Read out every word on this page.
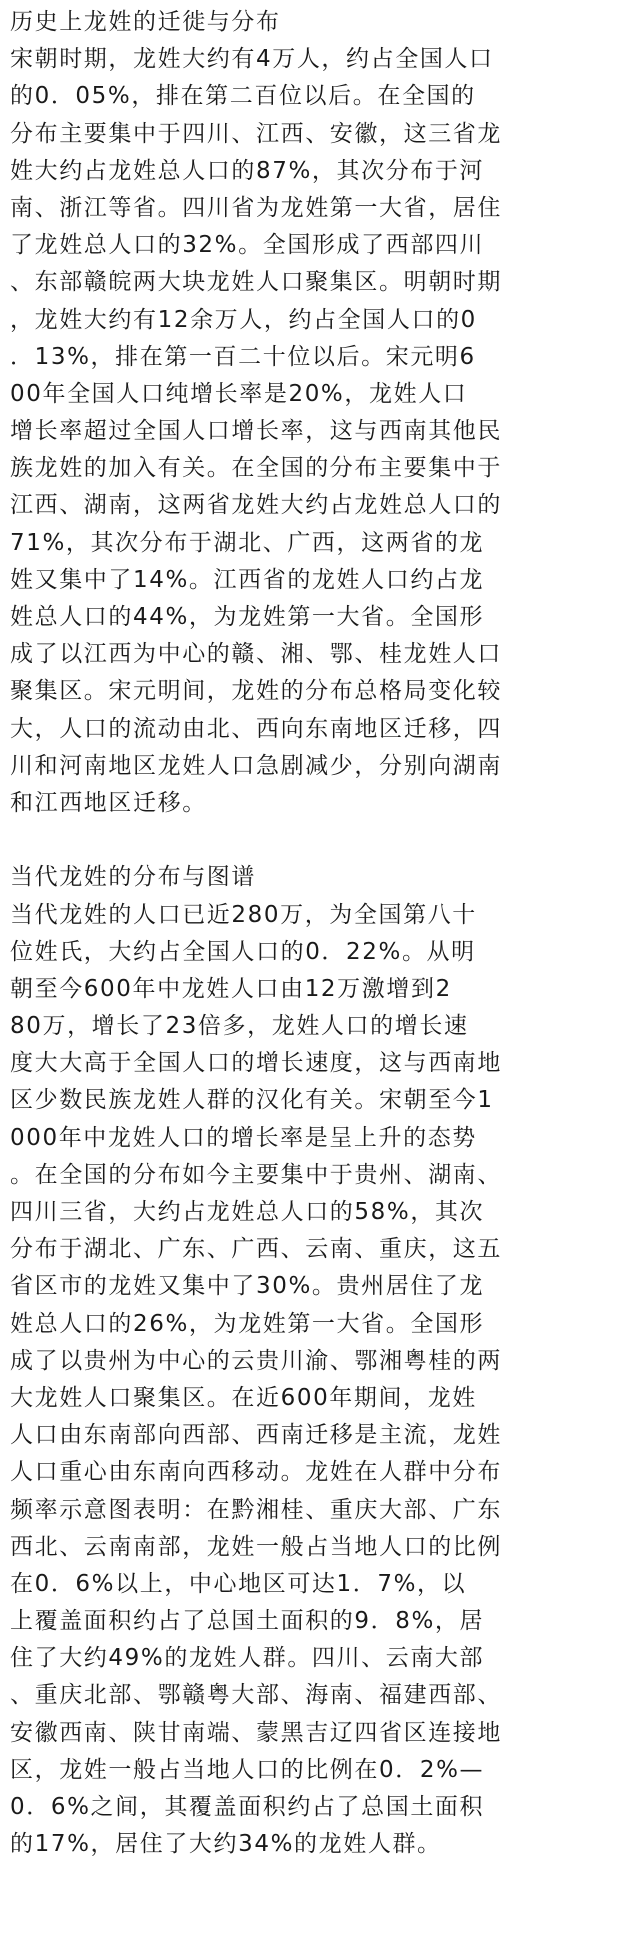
历史上龙姓的迁徙与分布
宋朝时期，龙姓大约有4万人，约占全国人口
的0．05%，排在第二百位以后。在全国的
分布主要集中于四川、江西、安徽，这三省龙
姓大约占龙姓总人口的87%，其次分布于河
南、浙江等省。四川省为龙姓第一大省，居住
了龙姓总人口的32%。全国形成了西部四川
、东部赣皖两大块龙姓人口聚集区。明朝时期
，龙姓大约有12余万人，约占全国人口的0
．13%，排在第一百二十位以后。宋元明6
00年全国人口纯增长率是20%，龙姓人口
增长率超过全国人口增长率，这与西南其他民
族龙姓的加入有关。在全国的分布主要集中于
江西、湖南，这两省龙姓大约占龙姓总人口的
71%，其次分布于湖北、广西，这两省的龙
姓又集中了14%。江西省的龙姓人口约占龙
姓总人口的44%，为龙姓第一大省。全国形
成了以江西为中心的赣、湘、鄂、桂龙姓人口
聚集区。宋元明间，龙姓的分布总格局变化较
大，人口的流动由北、西向东南地区迁移，四
川和河南地区龙姓人口急剧减少，分别向湖南
和江西地区迁移。
当代龙姓的分布与图谱
当代龙姓的人口已近280万，为全国第八十
位姓氏，大约占全国人口的0．22%。从明
朝至今600年中龙姓人口由12万激增到2
80万，增长了23倍多，龙姓人口的增长速
度大大高于全国人口的增长速度，这与西南地
区少数民族龙姓人群的汉化有关。宋朝至今1
000年中龙姓人口的增长率是呈上升的态势
。在全国的分布如今主要集中于贵州、湖南、
四川三省，大约占龙姓总人口的58%，其次
分布于湖北、广东、广西、云南、重庆，这五
省区市的龙姓又集中了30%。贵州居住了龙
姓总人口的26%，为龙姓第一大省。全国形
成了以贵州为中心的云贵川渝、鄂湘粤桂的两
大龙姓人口聚集区。在近600年期间，龙姓
人口由东南部向西部、西南迁移是主流，龙姓
人口重心由东南向西移动。龙姓在人群中分布
频率示意图表明：在黔湘桂、重庆大部、广东
西北、云南南部，龙姓一般占当地人口的比例
在0．6%以上，中心地区可达1．7%，以
上覆盖面积约占了总国土面积的9．8%，居
住了大约49%的龙姓人群。四川、云南大部
、重庆北部、鄂赣粤大部、海南、福建西部、
安徽西南、陕甘南端、蒙黑吉辽四省区连接地
区，龙姓一般占当地人口的比例在0．2%—
0．6%之间，其覆盖面积约占了总国土面积
的17%，居住了大约34%的龙姓人群。
